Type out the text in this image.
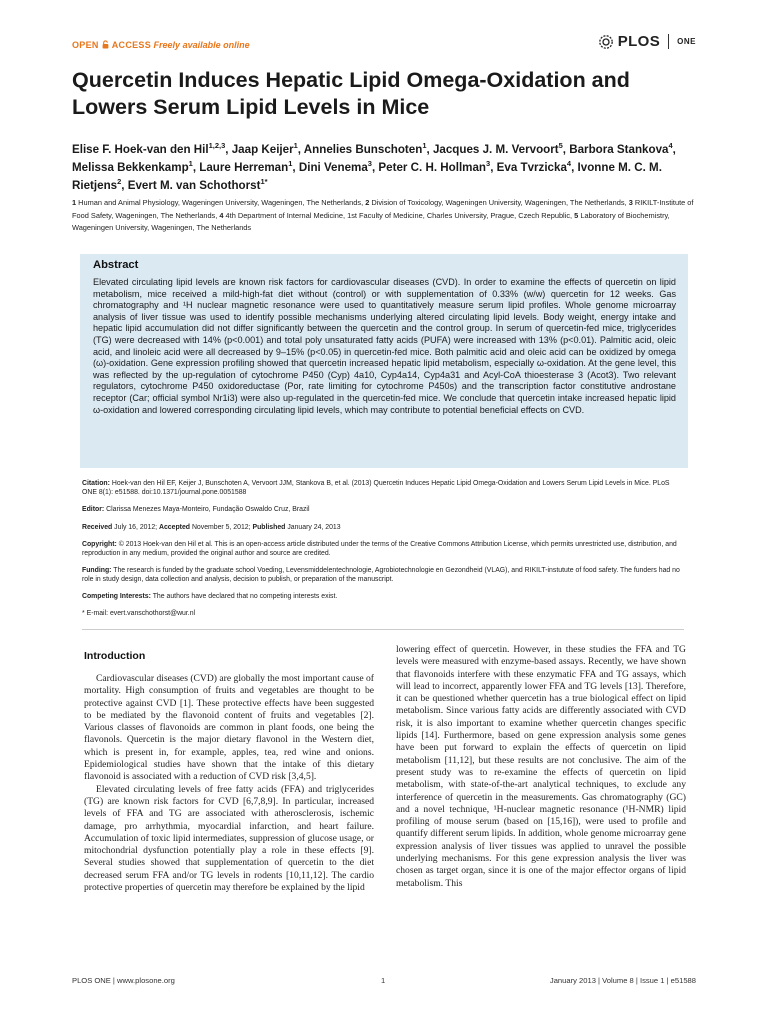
OPEN ACCESS Freely available online	PLOS ONE
Quercetin Induces Hepatic Lipid Omega-Oxidation and Lowers Serum Lipid Levels in Mice
Elise F. Hoek-van den Hil$^{1,2,3}$, Jaap Keijer$^1$, Annelies Bunschoten$^1$, Jacques J. M. Vervoort$^5$, Barbora Stankova$^4$, Melissa Bekkenkamp$^1$, Laure Herreman$^1$, Dini Venema$^3$, Peter C. H. Hollman$^3$, Eva Tvrzicka$^4$, Ivonne M. C. M. Rietjens$^2$, Evert M. van Schothorst$^{1*}$
1 Human and Animal Physiology, Wageningen University, Wageningen, The Netherlands, 2 Division of Toxicology, Wageningen University, Wageningen, The Netherlands, 3 RIKILT-Institute of Food Safety, Wageningen, The Netherlands, 4 4th Department of Internal Medicine, 1st Faculty of Medicine, Charles University, Prague, Czech Republic, 5 Laboratory of Biochemistry, Wageningen University, Wageningen, The Netherlands
Abstract
Elevated circulating lipid levels are known risk factors for cardiovascular diseases (CVD). In order to examine the effects of quercetin on lipid metabolism, mice received a mild-high-fat diet without (control) or with supplementation of 0.33% (w/w) quercetin for 12 weeks. Gas chromatography and ¹H nuclear magnetic resonance were used to quantitatively measure serum lipid profiles. Whole genome microarray analysis of liver tissue was used to identify possible mechanisms underlying altered circulating lipid levels. Body weight, energy intake and hepatic lipid accumulation did not differ significantly between the quercetin and the control group. In serum of quercetin-fed mice, triglycerides (TG) were decreased with 14% (p<0.001) and total poly unsaturated fatty acids (PUFA) were increased with 13% (p<0.01). Palmitic acid, oleic acid, and linoleic acid were all decreased by 9–15% (p<0.05) in quercetin-fed mice. Both palmitic acid and oleic acid can be oxidized by omega (ω)-oxidation. Gene expression profiling showed that quercetin increased hepatic lipid metabolism, especially ω-oxidation. At the gene level, this was reflected by the up-regulation of cytochrome P450 (Cyp) 4a10, Cyp4a14, Cyp4a31 and Acyl-CoA thioesterase 3 (Acot3). Two relevant regulators, cytochrome P450 oxidoreductase (Por, rate limiting for cytochrome P450s) and the transcription factor constitutive androstane receptor (Car; official symbol Nr1i3) were also up-regulated in the quercetin-fed mice. We conclude that quercetin intake increased hepatic lipid ω-oxidation and lowered corresponding circulating lipid levels, which may contribute to potential beneficial effects on CVD.
Citation: Hoek-van den Hil EF, Keijer J, Bunschoten A, Vervoort JJM, Stankova B, et al. (2013) Quercetin Induces Hepatic Lipid Omega-Oxidation and Lowers Serum Lipid Levels in Mice. PLoS ONE 8(1): e51588. doi:10.1371/journal.pone.0051588
Editor: Clarissa Menezes Maya-Monteiro, Fundação Oswaldo Cruz, Brazil
Received July 16, 2012; Accepted November 5, 2012; Published January 24, 2013
Copyright: © 2013 Hoek-van den Hil et al. This is an open-access article distributed under the terms of the Creative Commons Attribution License, which permits unrestricted use, distribution, and reproduction in any medium, provided the original author and source are credited.
Funding: The research is funded by the graduate school Voeding, Levensmiddelentechnologie, Agrobiotechnologie en Gezondheid (VLAG), and RIKILT-instutute of food safety. The funders had no role in study design, data collection and analysis, decision to publish, or preparation of the manuscript.
Competing Interests: The authors have declared that no competing interests exist.
* E-mail: evert.vanschothorst@wur.nl
Introduction

Cardiovascular diseases (CVD) are globally the most important cause of mortality. High consumption of fruits and vegetables are thought to be protective against CVD [1]. These protective effects have been suggested to be mediated by the flavonoid content of fruits and vegetables [2]. Various classes of flavonoids are common in plant foods, one being the flavonols. Quercetin is the major dietary flavonol in the Western diet, which is present in, for example, apples, tea, red wine and onions. Epidemiological studies have shown that the intake of this dietary flavonoid is associated with a reduction of CVD risk [3,4,5].

Elevated circulating levels of free fatty acids (FFA) and triglycerides (TG) are known risk factors for CVD [6,7,8,9]. In particular, increased levels of FFA and TG are associated with atherosclerosis, ischemic damage, pro arrhythmia, myocardial infarction, and heart failure. Accumulation of toxic lipid intermediates, suppression of glucose usage, or mitochondrial dysfunction potentially play a role in these effects [9]. Several studies showed that supplementation of quercetin to the diet decreased serum FFA and/or TG levels in rodents [10,11,12]. The cardio protective properties of quercetin may therefore be explained by the lipid

lowering effect of quercetin. However, in these studies the FFA and TG levels were measured with enzyme-based assays. Recently, we have shown that flavonoids interfere with these enzymatic FFA and TG assays, which will lead to incorrect, apparently lower FFA and TG levels [13]. Therefore, it can be questioned whether quercetin has a true biological effect on lipid metabolism. Since various fatty acids are differently associated with CVD risk, it is also important to examine whether quercetin changes specific lipids [14]. Furthermore, based on gene expression analysis some genes have been put forward to explain the effects of quercetin on lipid metabolism [11,12], but these results are not conclusive. The aim of the present study was to re-examine the effects of quercetin on lipid metabolism, with state-of-the-art analytical techniques, to exclude any interference of quercetin in the measurements. Gas chromatography (GC) and a novel technique, ¹H-nuclear magnetic resonance (¹H-NMR) lipid profiling of mouse serum (based on [15,16]), were used to profile and quantify different serum lipids. In addition, whole genome microarray gene expression analysis of liver tissues was applied to unravel the possible underlying mechanisms. For this gene expression analysis the liver was chosen as target organ, since it is one of the major effector organs of lipid metabolism. This

PLOS ONE | www.plosone.org	1	January 2013 | Volume 8 | Issue 1 | e51588
